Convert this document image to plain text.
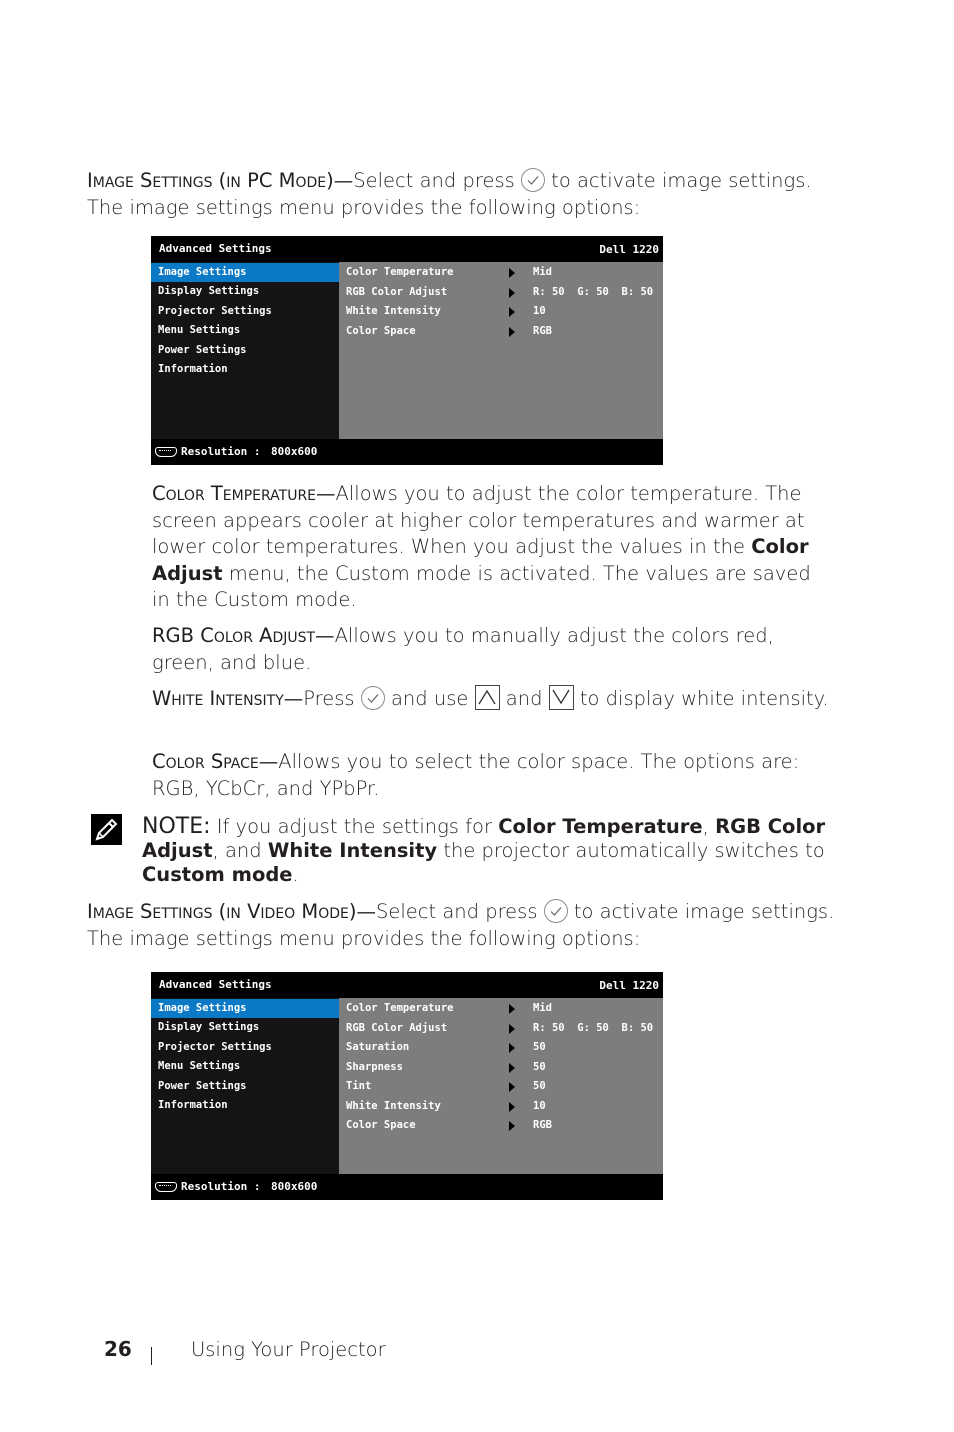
Image Settings (in PC Mode)—Select and press
to activate image settings. The image settings menu provides the following options:
Advanced Settings	Dell 1220
Image Settings
Display Settings
Projector Settings
Menu Settings
Power Settings
Information
Color Temperature	Mid
RGB Color Adjust	R: 50  G: 50  B: 50
White Intensity	10
Color Space	RGB
Resolution : 800x600
Color Temperature—Allows you to adjust the color temperature. The screen appears cooler at higher color temperatures and warmer at lower color temperatures. When you adjust the values in the Color Adjust menu, the Custom mode is activated. The values are saved in the Custom mode.
RGB Color Adjust—Allows you to manually adjust the colors red, green, and blue.
White Intensity—Press
and use
and
to display white intensity.
Color Space—Allows you to select the color space. The options are: RGB, YCbCr, and YPbPr.
NOTE: If you adjust the settings for Color Temperature, RGB Color Adjust, and White Intensity the projector automatically switches to Custom mode.
Image Settings (in Video Mode)—Select and press
to activate image settings. The image settings menu provides the following options:
Advanced Settings	Dell 1220
Image Settings
Display Settings
Projector Settings
Menu Settings
Power Settings
Information
Color Temperature	Mid
RGB Color Adjust	R: 50  G: 50  B: 50
Saturation	50
Sharpness	50
Tint	50
White Intensity	10
Color Space	RGB
Resolution : 800x600
26	Using Your Projector
